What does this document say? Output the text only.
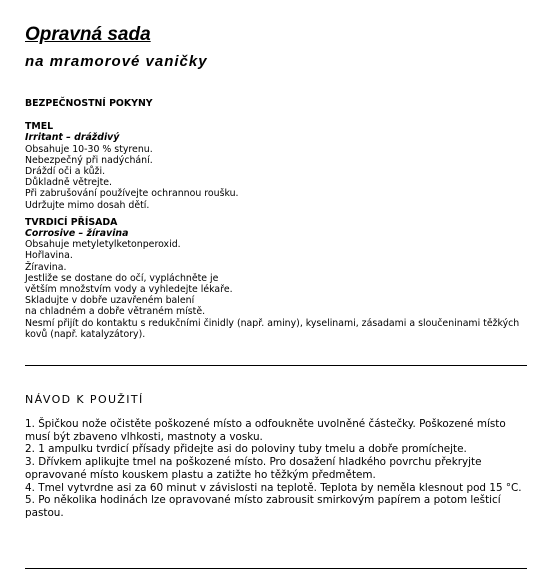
Opravná sada
na mramorové vaničky
BEZPEČNOSTNÍ POKYNY
TMEL
Irritant – dráždivý
Obsahuje 10-30 % styrenu.
Nebezpečný při nadýchání.
Dráždí oči a kůži.
Důkladně větrejte.
Při zabrušování používejte ochrannou roušku.
Udržujte mimo dosah dětí.
TVRDICÍ PŘÍSADA
Corrosive – žíravina
Obsahuje metyletylketonperoxid.
Hořlavina.
Žíravina.
Jestliže se dostane do očí, vypláchněte je
větším množstvím vody a vyhledejte lékaře.
Skladujte v dobře uzavřeném balení
na chladném a dobře větraném místě.
Nesmí přijít do kontaktu s redukčními činidly (např. aminy), kyselinami, zásadami a sloučeninami těžkých kovů (např. katalyzátory).
NÁVOD K POUŽITÍ

1. Špičkou nože očistěte poškozené místo a odfoukněte uvolněné částečky. Poškozené místo musí být zbaveno vlhkosti, mastnoty a vosku.

2. 1 ampulku tvrdicí přísady přidejte asi do poloviny tuby tmelu a dobře promíchejte.

3. Dřívkem aplikujte tmel na poškozené místo. Pro dosažení hladkého povrchu překryjte opravované místo kouskem plastu a zatižte ho těžkým předmětem.

4. Tmel vytvrdne asi za 60 minut v závislosti na teplotě. Teplota by neměla klesnout pod 15 °C.

5. Po několika hodinách lze opravované místo zabrousit smirkovým papírem a potom lešticí pastou.
